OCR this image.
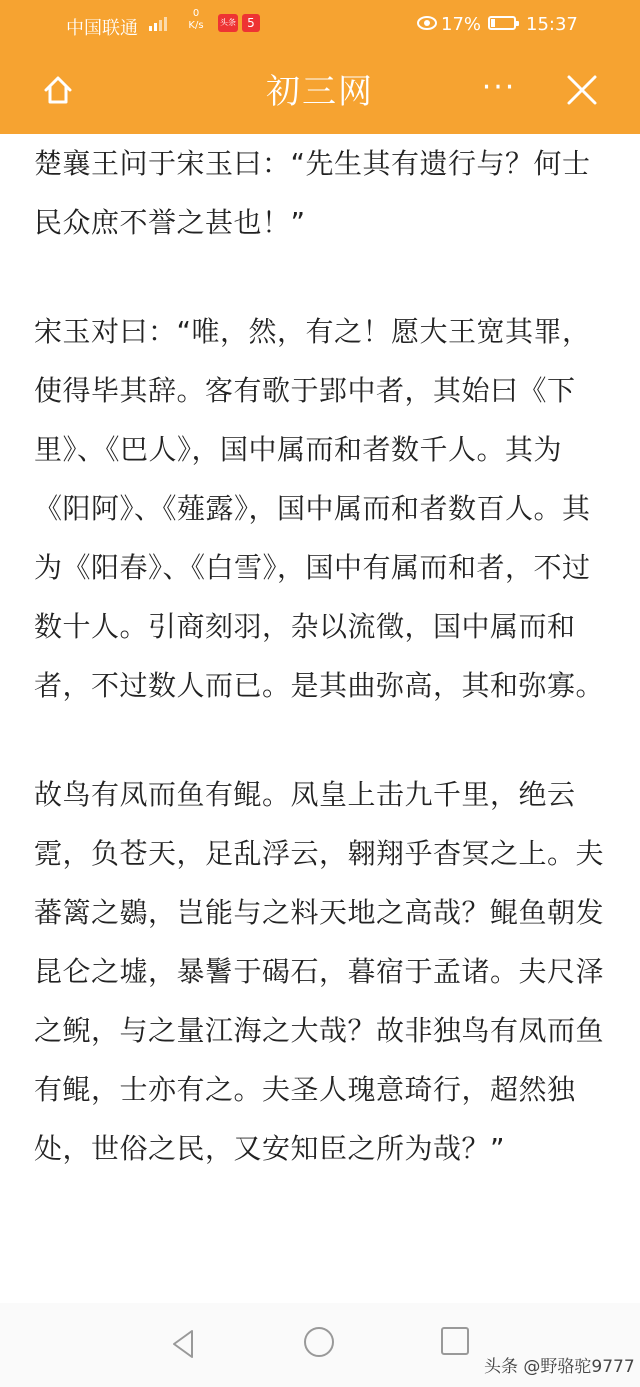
中国联通
0
K/s	头条 5	17% 15:37
初三网	···

楚襄王问于宋玉曰：“先生其有遗行与？何士民众庶不誉之甚也！”

宋玉对曰：“唯，然，有之！愿大王宽其罪，使得毕其辞。客有歌于郢中者，其始曰《下里》、《巴人》，国中属而和者数千人。其为《阳阿》、《薤露》，国中属而和者数百人。其为《阳春》、《白雪》，国中有属而和者，不过数十人。引商刻羽，杂以流徵，国中属而和者，不过数人而已。是其曲弥高，其和弥寡。

故鸟有凤而鱼有鲲。凤皇上击九千里，绝云霓，负苍天，足乱浮云，翱翔乎杳冥之上。夫蕃篱之鷃，岂能与之料天地之高哉？鲲鱼朝发昆仑之墟，暴鬐于碣石，暮宿于孟诸。夫尺泽之鲵，与之量江海之大哉？故非独鸟有凤而鱼有鲲，士亦有之。夫圣人瑰意琦行，超然独处，世俗之民，又安知臣之所为哉？”

头条 @野骆驼9777
